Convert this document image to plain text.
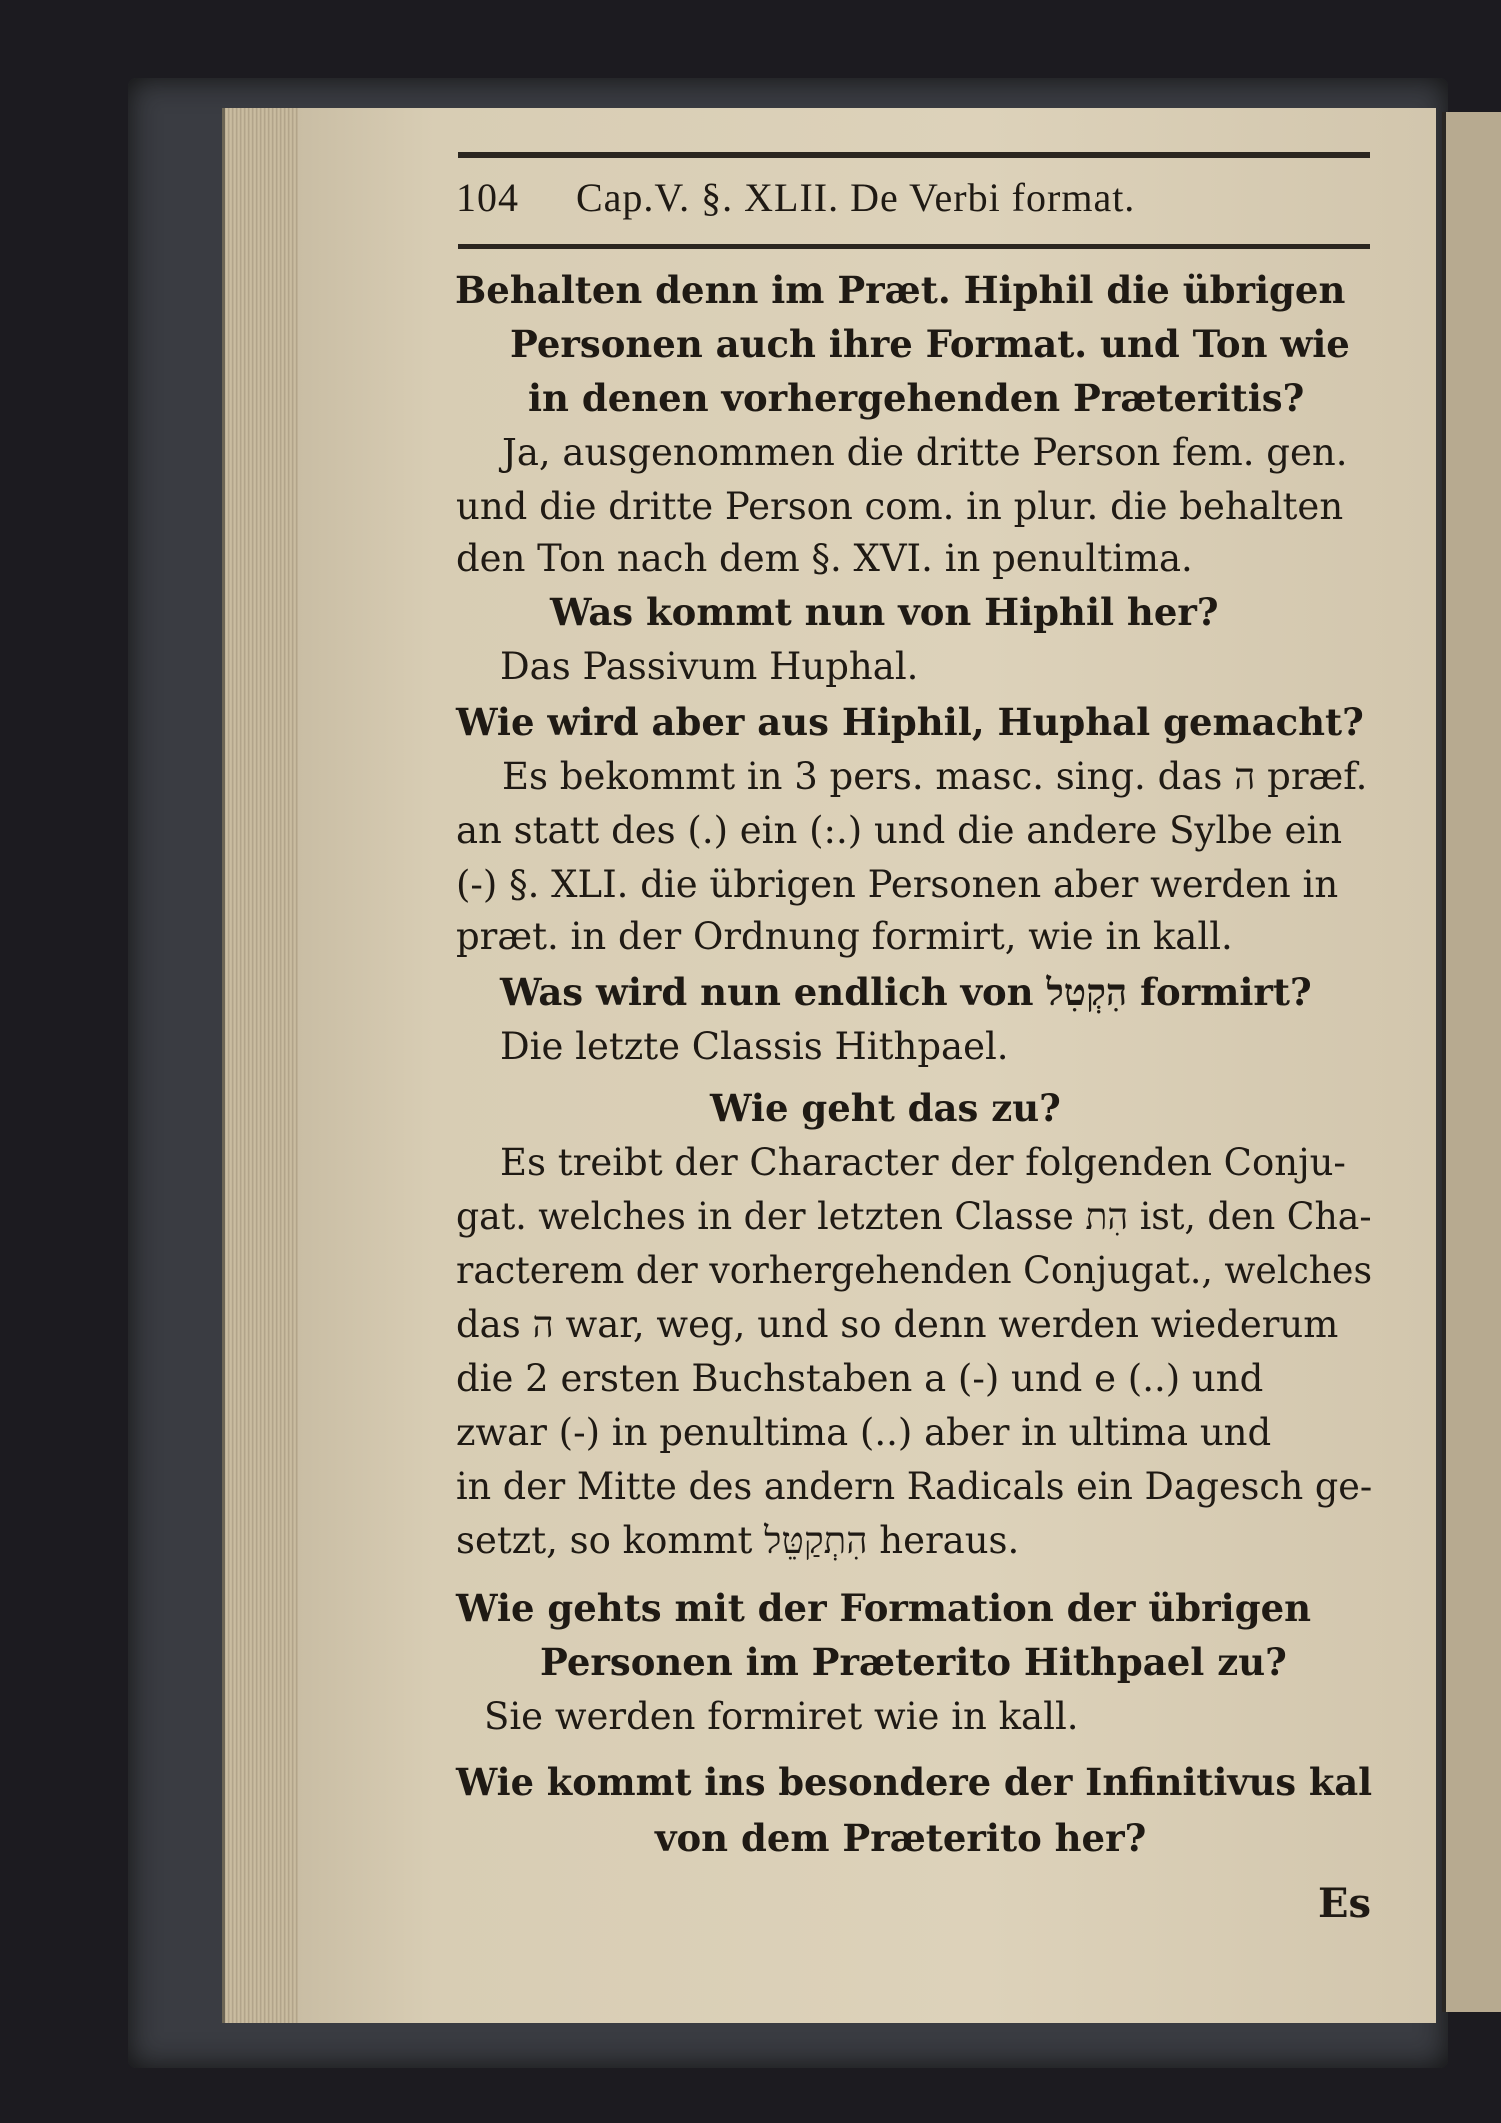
104 Cap.V. §. XLII. De Verbi format.
Behalten denn im Præt. Hiphil die übrigen
Personen auch ihre Format. und Ton wie
in denen vorhergehenden Præteritis?
Ja, ausgenommen die dritte Person fem. gen.
und die dritte Person com. in plur. die behalten
den Ton nach dem §. XVI. in penultima.
Was kommt nun von Hiphil her?
Das Passivum Huphal.
Wie wird aber aus Hiphil, Huphal gemacht?
Es bekommt in 3 pers. masc. sing. das ה præf.
an statt des (.) ein (:.) und die andere Sylbe ein
(-) §. XLI. die übrigen Personen aber werden in
præt. in der Ordnung formirt, wie in kall.
Was wird nun endlich von הִקְטִל formirt?
Die letzte Classis Hithpael.
Wie geht das zu?
Es treibt der Character der folgenden Conju-
gat. welches in der letzten Classe הִת ist, den Cha-
racterem der vorhergehenden Conjugat., welches
das ה war, weg, und so denn werden wiederum
die 2 ersten Buchstaben a (-) und e (..) und
zwar (-) in penultima (..) aber in ultima und
in der Mitte des andern Radicals ein Dagesch ge-
setzt, so kommt הִתְקַטֵּל heraus.
Wie gehts mit der Formation der übrigen
Personen im Præterito Hithpael zu?
Sie werden formiret wie in kall.
Wie kommt ins besondere der Infinitivus kal
von dem Præterito her?
Es
